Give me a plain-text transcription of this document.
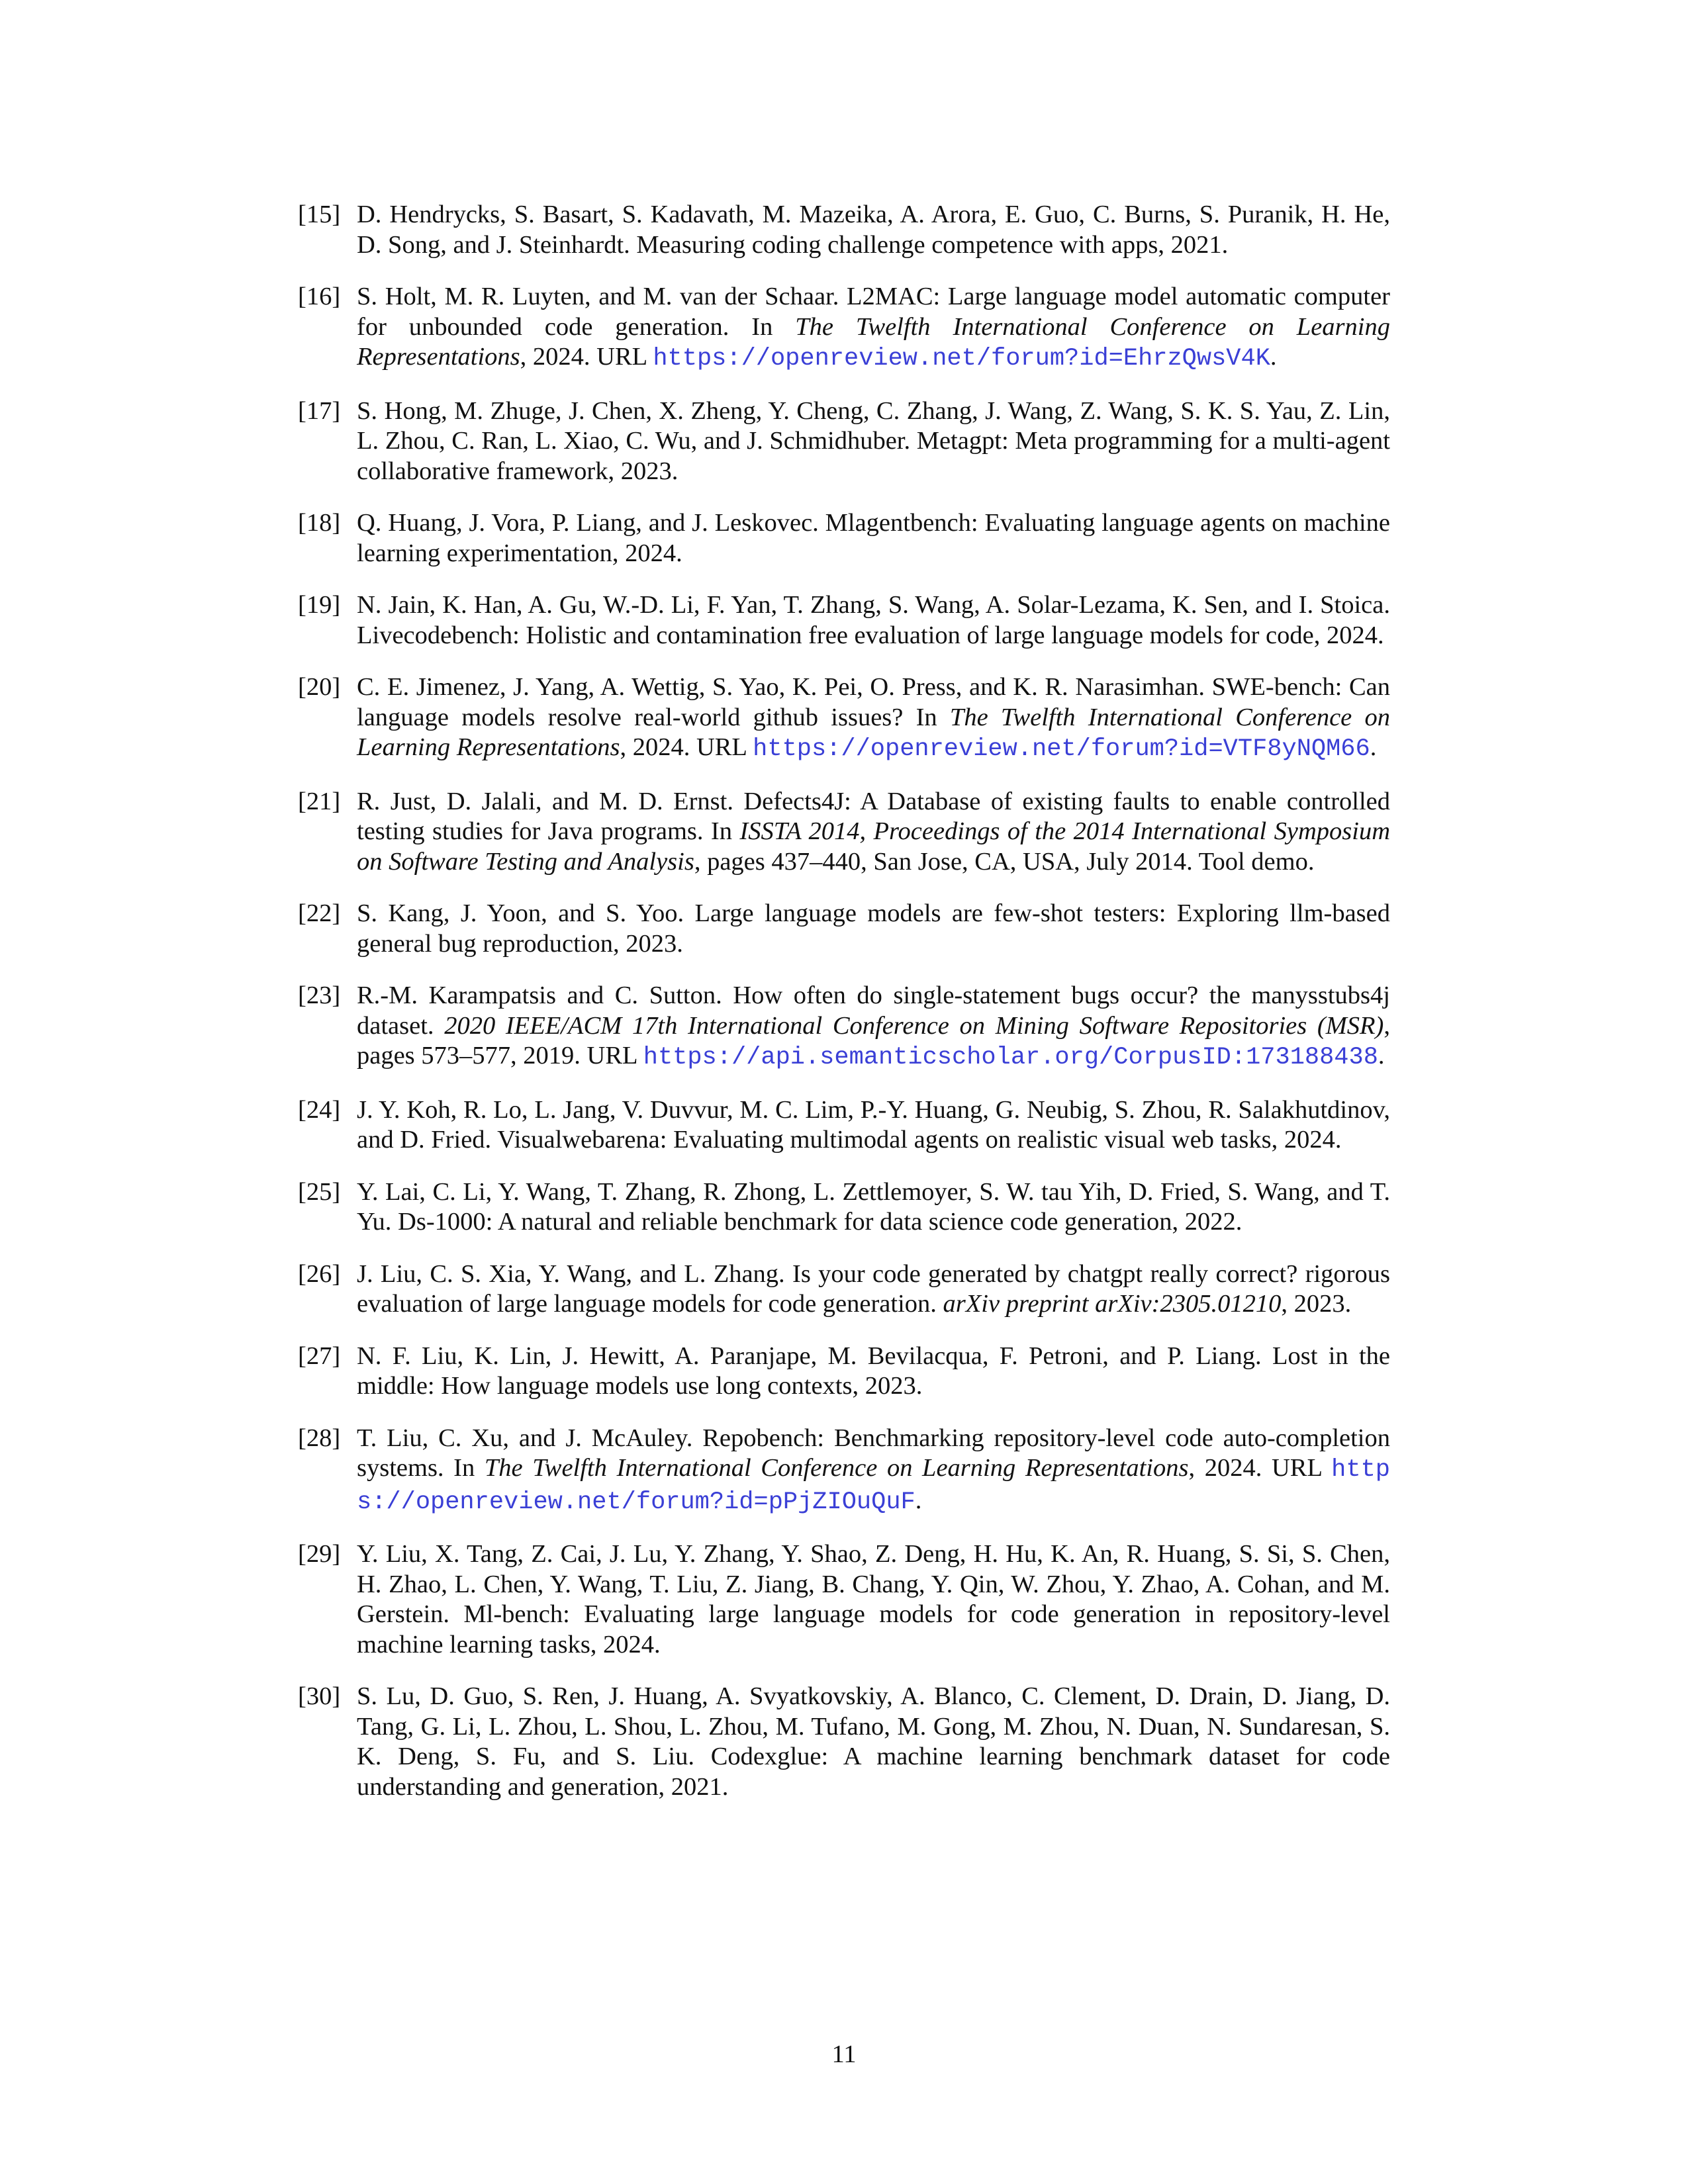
[15] D. Hendrycks, S. Basart, S. Kadavath, M. Mazeika, A. Arora, E. Guo, C. Burns, S. Puranik, H. He, D. Song, and J. Steinhardt. Measuring coding challenge competence with apps, 2021.
[16] S. Holt, M. R. Luyten, and M. van der Schaar. L2MAC: Large language model automatic computer for unbounded code generation. In The Twelfth International Conference on Learning Representations, 2024. URL https://openreview.net/forum?id=EhrzQwsV4K.
[17] S. Hong, M. Zhuge, J. Chen, X. Zheng, Y. Cheng, C. Zhang, J. Wang, Z. Wang, S. K. S. Yau, Z. Lin, L. Zhou, C. Ran, L. Xiao, C. Wu, and J. Schmidhuber. Metagpt: Meta programming for a multi-agent collaborative framework, 2023.
[18] Q. Huang, J. Vora, P. Liang, and J. Leskovec. Mlagentbench: Evaluating language agents on machine learning experimentation, 2024.
[19] N. Jain, K. Han, A. Gu, W.-D. Li, F. Yan, T. Zhang, S. Wang, A. Solar-Lezama, K. Sen, and I. Stoica. Livecodebench: Holistic and contamination free evaluation of large language models for code, 2024.
[20] C. E. Jimenez, J. Yang, A. Wettig, S. Yao, K. Pei, O. Press, and K. R. Narasimhan. SWE-bench: Can language models resolve real-world github issues? In The Twelfth International Conference on Learning Representations, 2024. URL https://openreview.net/forum?id=VTF8yNQM66.
[21] R. Just, D. Jalali, and M. D. Ernst. Defects4J: A Database of existing faults to enable controlled testing studies for Java programs. In ISSTA 2014, Proceedings of the 2014 International Symposium on Software Testing and Analysis, pages 437–440, San Jose, CA, USA, July 2014. Tool demo.
[22] S. Kang, J. Yoon, and S. Yoo. Large language models are few-shot testers: Exploring llm-based general bug reproduction, 2023.
[23] R.-M. Karampatsis and C. Sutton. How often do single-statement bugs occur? the manysstubs4j dataset. 2020 IEEE/ACM 17th International Conference on Mining Software Repositories (MSR), pages 573–577, 2019. URL https://api.semanticscholar.org/CorpusID:173188438.
[24] J. Y. Koh, R. Lo, L. Jang, V. Duvvur, M. C. Lim, P.-Y. Huang, G. Neubig, S. Zhou, R. Salakhutdinov, and D. Fried. Visualwebarena: Evaluating multimodal agents on realistic visual web tasks, 2024.
[25] Y. Lai, C. Li, Y. Wang, T. Zhang, R. Zhong, L. Zettlemoyer, S. W. tau Yih, D. Fried, S. Wang, and T. Yu. Ds-1000: A natural and reliable benchmark for data science code generation, 2022.
[26] J. Liu, C. S. Xia, Y. Wang, and L. Zhang. Is your code generated by chatgpt really correct? rigorous evaluation of large language models for code generation. arXiv preprint arXiv:2305.01210, 2023.
[27] N. F. Liu, K. Lin, J. Hewitt, A. Paranjape, M. Bevilacqua, F. Petroni, and P. Liang. Lost in the middle: How language models use long contexts, 2023.
[28] T. Liu, C. Xu, and J. McAuley. Repobench: Benchmarking repository-level code auto-completion systems. In The Twelfth International Conference on Learning Representations, 2024. URL https://openreview.net/forum?id=pPjZIOuQuF.
[29] Y. Liu, X. Tang, Z. Cai, J. Lu, Y. Zhang, Y. Shao, Z. Deng, H. Hu, K. An, R. Huang, S. Si, S. Chen, H. Zhao, L. Chen, Y. Wang, T. Liu, Z. Jiang, B. Chang, Y. Qin, W. Zhou, Y. Zhao, A. Cohan, and M. Gerstein. Ml-bench: Evaluating large language models for code generation in repository-level machine learning tasks, 2024.
[30] S. Lu, D. Guo, S. Ren, J. Huang, A. Svyatkovskiy, A. Blanco, C. Clement, D. Drain, D. Jiang, D. Tang, G. Li, L. Zhou, L. Shou, L. Zhou, M. Tufano, M. Gong, M. Zhou, N. Duan, N. Sundaresan, S. K. Deng, S. Fu, and S. Liu. Codexglue: A machine learning benchmark dataset for code understanding and generation, 2021.
11
